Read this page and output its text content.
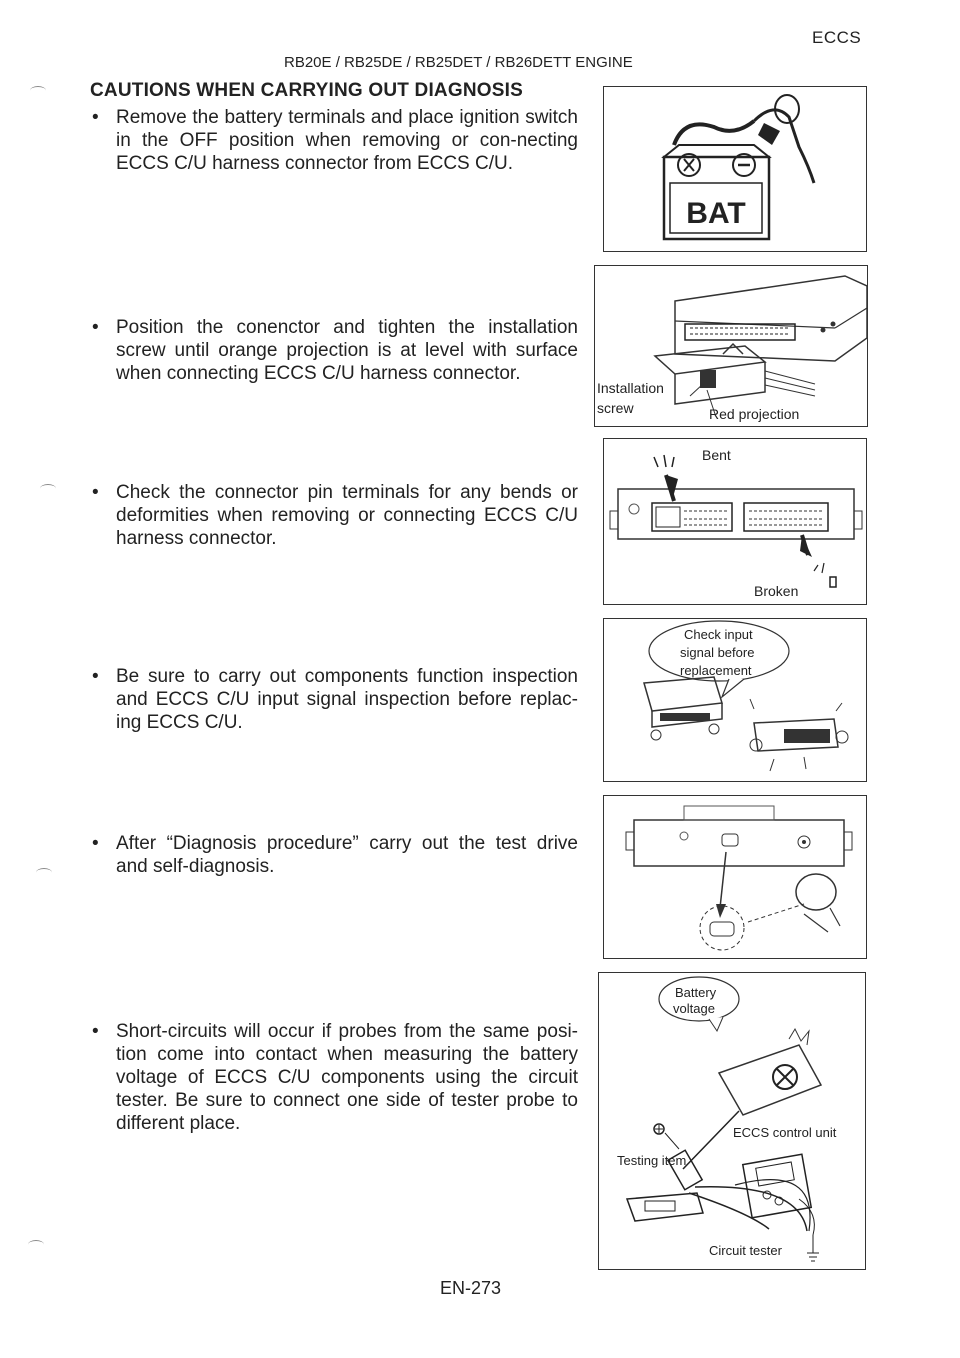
ECCS
RB20E / RB25DE / RB25DET / RB26DETT ENGINE
CAUTIONS WHEN CARRYING OUT DIAGNOSIS
• Remove the battery terminals and place ignition switch in the OFF position when removing or con-necting ECCS C/U harness connector from ECCS C/U.
• Position the conenctor and tighten the installation screw until orange projection is at level with surface when connecting ECCS C/U harness connector.
• Check the connector pin terminals for any bends or deformities when removing or connecting ECCS C/U harness connector.
• Be sure to carry out components function inspection and ECCS C/U input signal inspection before replac-ing ECCS C/U.
• After “Diagnosis procedure” carry out the test drive and self-diagnosis.
• Short-circuits will occur if probes from the same posi-tion come into contact when measuring the battery voltage of ECCS C/U components using the circuit tester. Be sure to connect one side of tester probe to different place.
BAT
Installation
screw	Red projection
Bent
Broken
Check input
signal before
replacement
Battery
voltage
ECCS control unit
Testing item
Circuit tester
EN-273
